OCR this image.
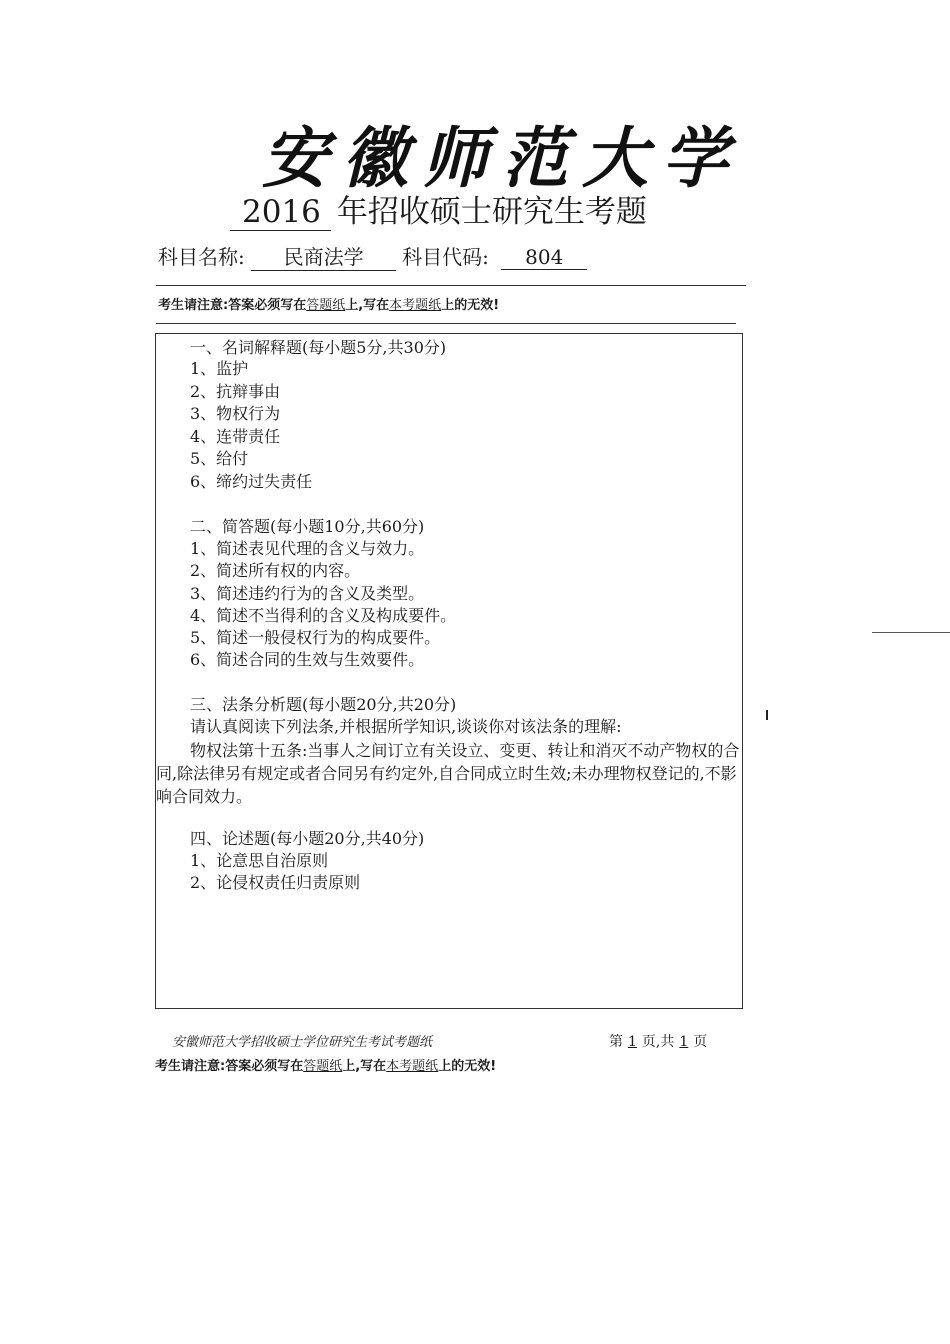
安徽师范大学
2016 年招收硕士研究生考题
科目名称: 民商法学 科目代码: 804
考生请注意:答案必须写在答题纸上,写在本考题纸上的无效!
一、名词解释题(每小题5分,共30分)
1、监护
2、抗辩事由
3、物权行为
4、连带责任
5、给付
6、缔约过失责任
二、简答题(每小题10分,共60分)
1、简述表见代理的含义与效力。
2、简述所有权的内容。
3、简述违约行为的含义及类型。
4、简述不当得利的含义及构成要件。
5、简述一般侵权行为的构成要件。
6、简述合同的生效与生效要件。
三、法条分析题(每小题20分,共20分)
请认真阅读下列法条,并根据所学知识,谈谈你对该法条的理解:
物权法第十五条:当事人之间订立有关设立、变更、转让和消灭不动产物权的合同,除法律另有规定或者合同另有约定外,自合同成立时生效;未办理物权登记的,不影响合同效力。
四、论述题(每小题20分,共40分)
1、论意思自治原则
2、论侵权责任归责原则
安徽师范大学招收硕士学位研究生考试考题纸	第 1 页,共 1 页
考生请注意:答案必须写在答题纸上,写在本考题纸上的无效!
